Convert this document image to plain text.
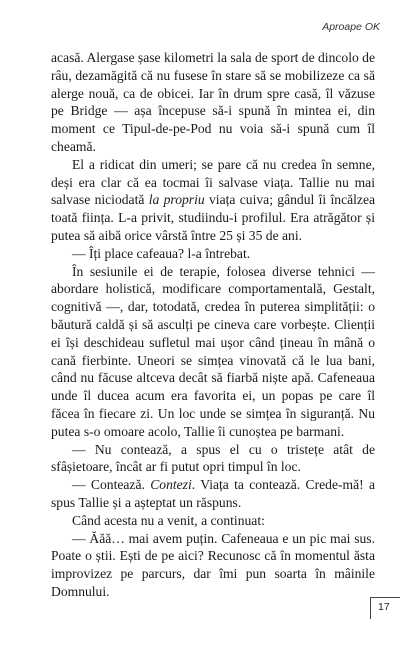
Aproape OK

acasă. Alergase șase kilometri la sala de sport de dincolo de râu, dezamăgită că nu fusese în stare să se mobilizeze ca să alerge nouă, ca de obicei. Iar în drum spre casă, îl văzuse pe Bridge — așa începuse să-i spună în mintea ei, din moment ce Tipul-de-pe-Pod nu voia să-i spună cum îl cheamă.

El a ridicat din umeri; se pare că nu credea în semne, deși era clar că ea tocmai îi salvase viața. Tallie nu mai salvase niciodată la propriu viața cuiva; gândul îi încălzea toată ființa. L-a privit, studiindu-i profilul. Era atrăgător și putea să aibă orice vârstă între 25 și 35 de ani.

— Îți place cafeaua? l-a întrebat.

În sesiunile ei de terapie, folosea diverse tehnici — abordare holistică, modificare comportamentală, Gestalt, cognitivă —, dar, totodată, credea în puterea simplității: o băutură caldă și să asculți pe cineva care vorbește. Clienții ei își deschideau sufletul mai ușor când țineau în mână o cană fierbinte. Uneori se simțea vinovată că le lua bani, când nu făcuse altceva decât să fiarbă niște apă. Cafeneaua unde îl ducea acum era favorita ei, un popas pe care îl făcea în fiecare zi. Un loc unde se simțea în siguranță. Nu putea s-o omoare acolo, Tallie îi cunoștea pe barmani.

— Nu contează, a spus el cu o tristețe atât de sfâșietoare, încât ar fi putut opri timpul în loc.

— Contează. Contezi. Viața ta contează. Crede-mă! a spus Tallie și a așteptat un răspuns.

Când acesta nu a venit, a continuat:

— Ăăă… mai avem puțin. Cafeneaua e un pic mai sus. Poate o știi. Ești de pe aici? Recunosc că în momentul ăsta improvizez pe parcurs, dar îmi pun soarta în mâinile Domnului.

17
